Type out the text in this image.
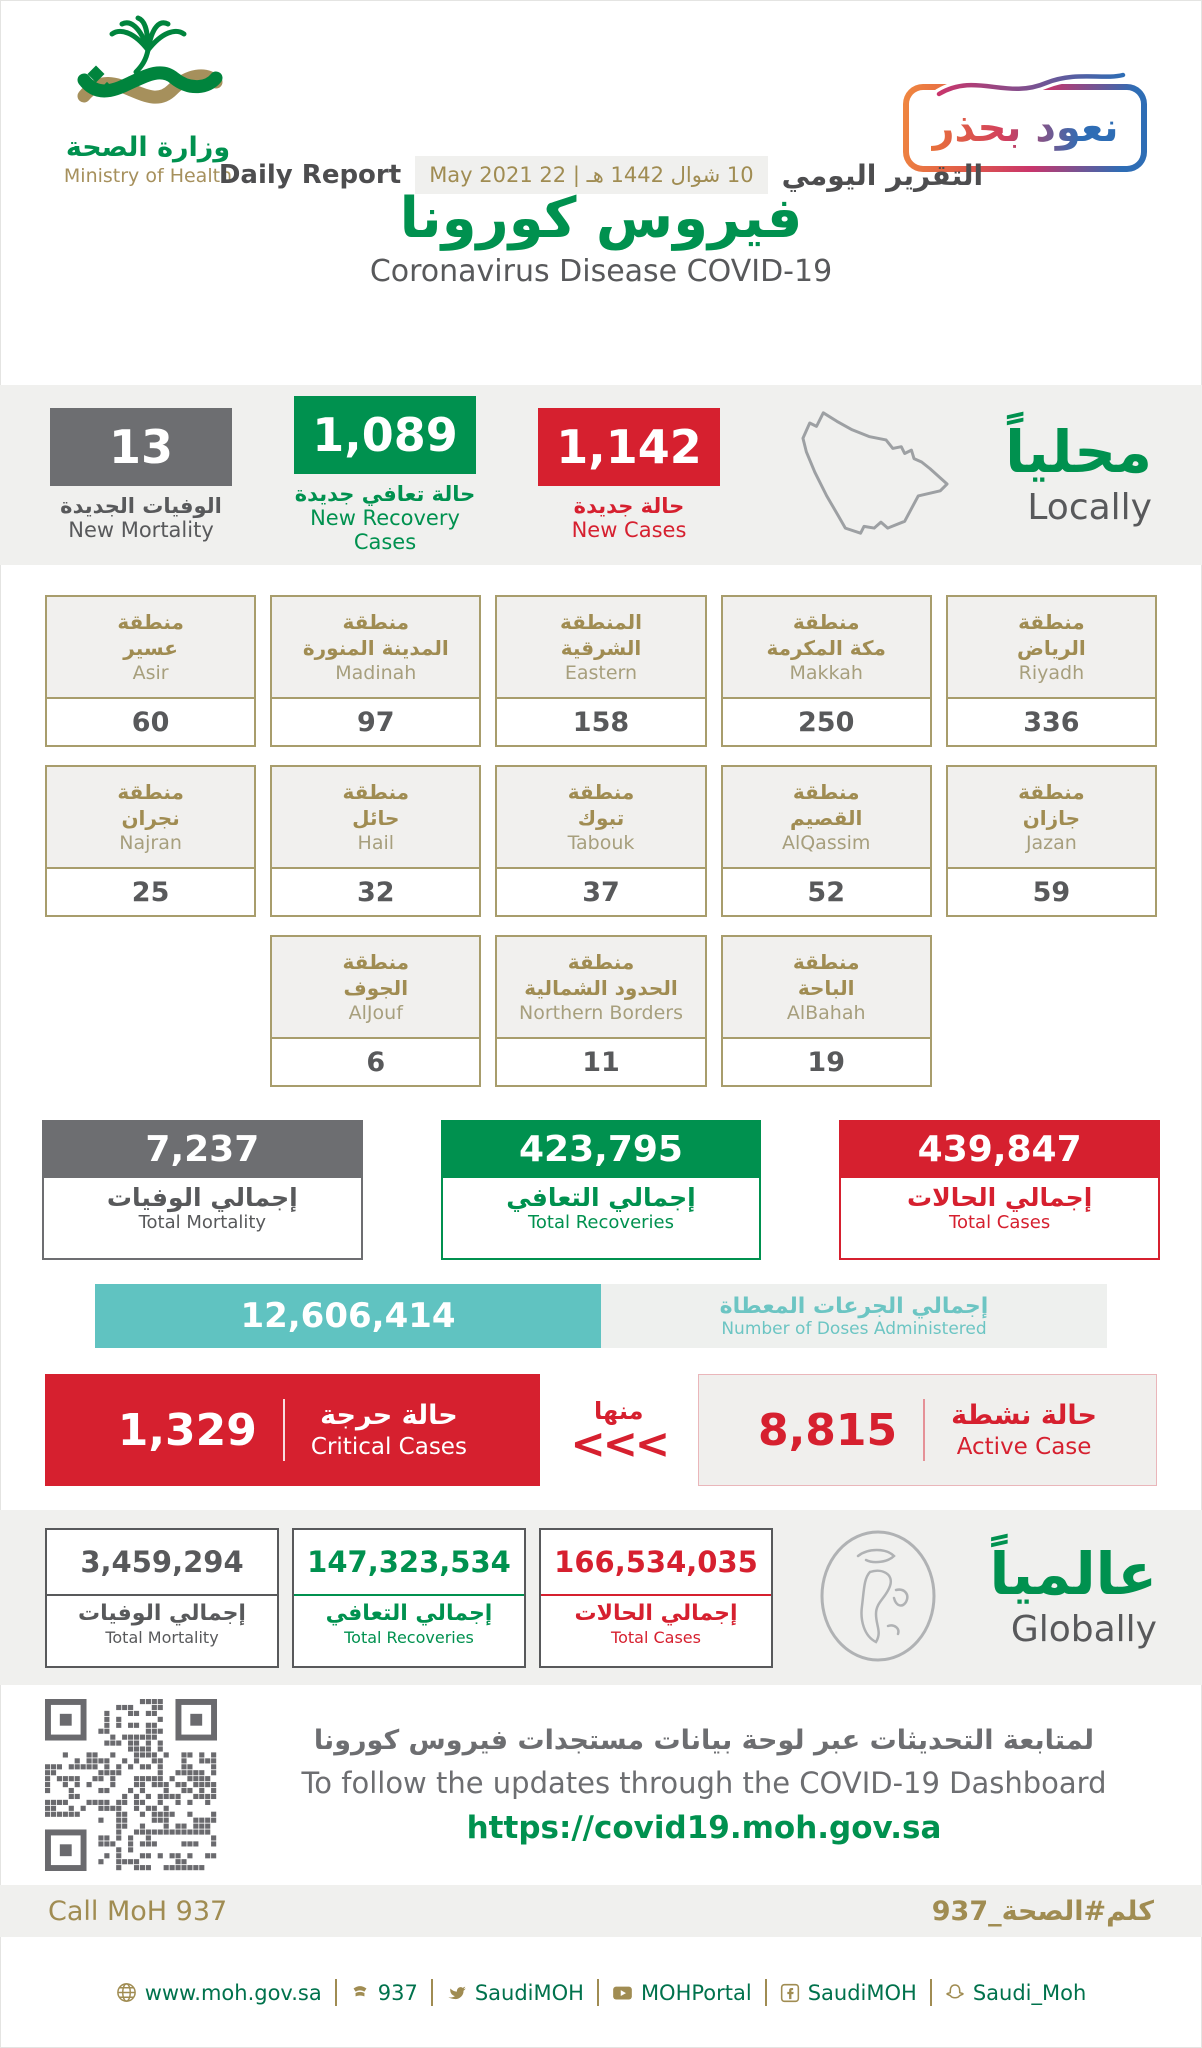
وزارة الصحة
Ministry of Health
نعود بحذر
Daily Report	10 شوال 1442 هـ | 22 May 2021	التقرير اليومي
فيروس كورونا
Coronavirus Disease COVID-19
13
الوفيات الجديدة
New Mortality
1,089
حالة تعافي جديدة
New Recovery Cases
1,142
حالة جديدة
New Cases
محلياً
Locally
منطقة
عسير
Asir
60
منطقة
المدينة المنورة
Madinah
97
المنطقة
الشرقية
Eastern
158
منطقة
مكة المكرمة
Makkah
250
منطقة
الرياض
Riyadh
336
منطقة
نجران
Najran
25
منطقة
حائل
Hail
32
منطقة
تبوك
Tabouk
37
منطقة
القصيم
AlQassim
52
منطقة
جازان
Jazan
59
منطقة
الجوف
AlJouf
6
منطقة
الحدود الشمالية
Northern Borders
11
منطقة
الباحة
AlBahah
19
7,237
إجمالي الوفيات
Total Mortality
423,795
إجمالي التعافي
Total Recoveries
439,847
إجمالي الحالات
Total Cases
12,606,414	إجمالي الجرعات المعطاة
Number of Doses Administered
1,329	حالة حرجة
Critical Cases
منها
<<<	8,815 حالة نشطة
Active Case
3,459,294
إجمالي الوفيات
Total Mortality
147,323,534
إجمالي التعافي
Total Recoveries
166,534,035
إجمالي الحالات
Total Cases
عالمياً
Globally
لمتابعة التحديثات عبر لوحة بيانات مستجدات فيروس كورونا
To follow the updates through the COVID-19 Dashboard
https://covid19.moh.gov.sa
Call MoH 937	كلم#الصحة_937
www.moh.gov.sa	937	SaudiMOH	MOHPortal	SaudiMOH	Saudi_Moh
